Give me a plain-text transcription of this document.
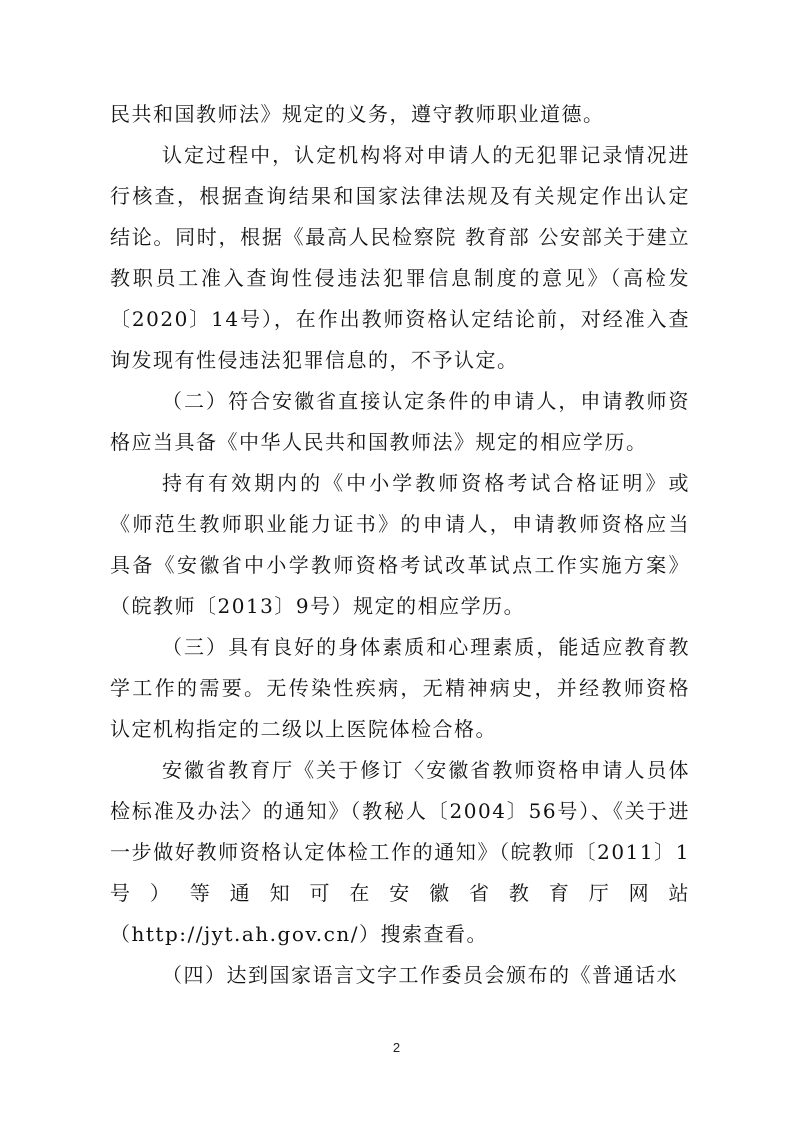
民共和国教师法》规定的义务，遵守教师职业道德。

认定过程中，认定机构将对申请人的无犯罪记录情况进行核查，根据查询结果和国家法律法规及有关规定作出认定结论。同时，根据《最高人民检察院 教育部 公安部关于建立教职员工准入查询性侵违法犯罪信息制度的意见》（高检发〔2020〕14号），在作出教师资格认定结论前，对经准入查询发现有性侵违法犯罪信息的，不予认定。

（二）符合安徽省直接认定条件的申请人，申请教师资格应当具备《中华人民共和国教师法》规定的相应学历。

持有有效期内的《中小学教师资格考试合格证明》或《师范生教师职业能力证书》的申请人，申请教师资格应当具备《安徽省中小学教师资格考试改革试点工作实施方案》（皖教师〔2013〕9号）规定的相应学历。

（三）具有良好的身体素质和心理素质，能适应教育教学工作的需要。无传染性疾病，无精神病史，并经教师资格认定机构指定的二级以上医院体检合格。

安徽省教育厅《关于修订〈安徽省教师资格申请人员体检标准及办法〉的通知》（教秘人〔2004〕56号）、《关于进一步做好教师资格认定体检工作的通知》（皖教师〔2011〕1号）等通知可在安徽省教育厅网站（http://jyt.ah.gov.cn/）搜索查看。

（四）达到国家语言文字工作委员会颁布的《普通话水

2
